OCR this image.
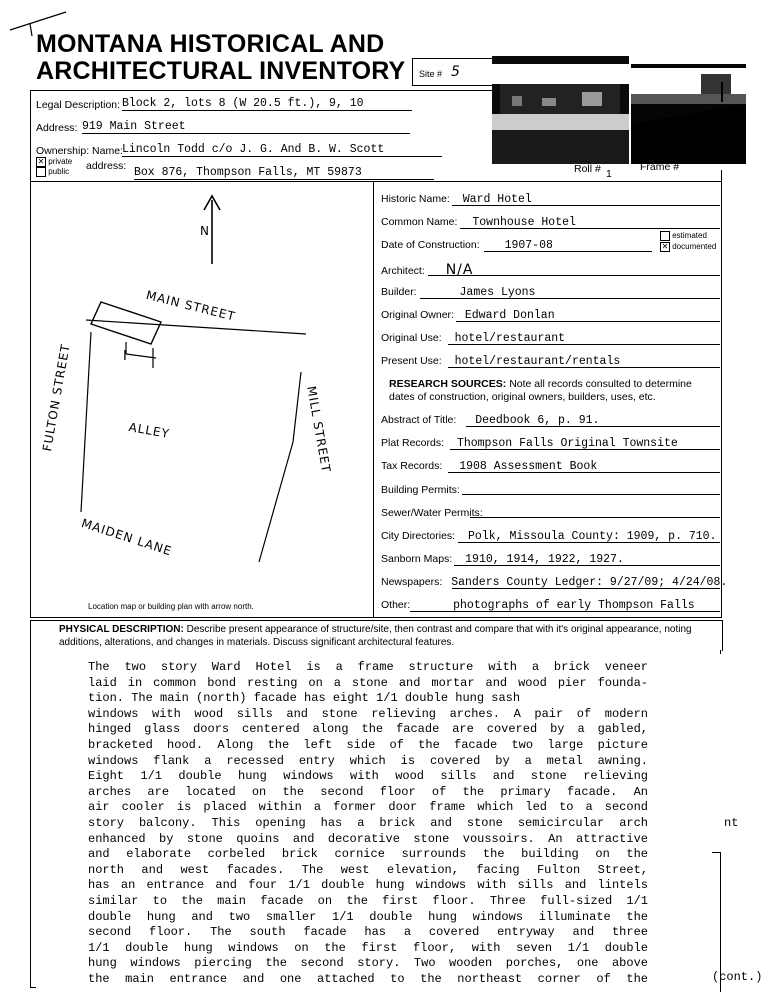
MONTANA HISTORICAL AND
ARCHITECTURAL INVENTORY Site # 5
Legal Description: Block 2, lots 8 (W 20.5 ft.), 9, 10
Address: 919 Main Street
Ownership: Name: Lincoln Todd c/o J. G. And B. W. Scott
✕ private
public address: Box 876, Thompson Falls, MT 59873	Roll # 1
Frame #
N
MAIN STREET
FULTON STREET	ALLEY	MILL STREET
MAIDEN LANE
I
Location map or building plan with arrow north.
Historic Name: Ward Hotel
Common Name: Townhouse Hotel
Date of Construction: 1907-08
estimated
✕ documented
Architect: N/A
Builder:	James Lyons
Original Owner: Edward Donlan
Original Use: hotel/restaurant
Present Use: hotel/restaurant/rentals
RESEARCH SOURCES: Note all records consulted to determine dates of construction, original owners, builders, uses, etc.
Abstract of Title: Deedbook 6, p. 91.
Plat Records: Thompson Falls Original Townsite
Tax Records: 1908 Assessment Book
Building Permits:
Sewer/Water Permits:
City Directories: Polk, Missoula County: 1909, p. 710.
Sanborn Maps: 1910, 1914, 1922, 1927.
Newspapers: Sanders County Ledger: 9/27/09; 4/24/08.
Other:	photographs of early Thompson Falls
PHYSICAL DESCRIPTION: Describe present appearance of structure/site, then contrast and compare that with it's original appearance, noting additions, alterations, and changes in materials. Discuss significant architectural features.
The two story Ward Hotel is a frame structure with a brick veneer
laid in common bond resting on a stone and mortar and wood pier founda-
tion. The main (north) facade has eight 1/1 double hung sash
windows with wood sills and stone relieving arches. A pair of modern
hinged glass doors centered along the facade are covered by a gabled,
bracketed hood. Along the left side of the facade two large picture
windows flank a recessed entry which is covered by a metal awning.
Eight 1/1 double hung windows with wood sills and stone relieving
arches are located on the second floor of the primary facade. An
air cooler is placed within a former door frame which led to a second
story balcony. This opening has a brick and stone semicircular arch
enhanced by stone quoins and decorative stone voussoirs. An attractive
and elaborate corbeled brick cornice surrounds the building on the
north and west facades. The west elevation, facing Fulton Street,
has an entrance and four 1/1 double hung windows with sills and lintels
similar to the main facade on the first floor. Three full-sized 1/1
double hung and two smaller 1/1 double hung windows illuminate the
second floor. The south facade has a covered entryway and three
1/1 double hung windows on the first floor, with seven 1/1 double
hung windows piercing the second story. Two wooden porches, one above
the main entrance and one attached to the northeast corner of the
nt
(cont.)
